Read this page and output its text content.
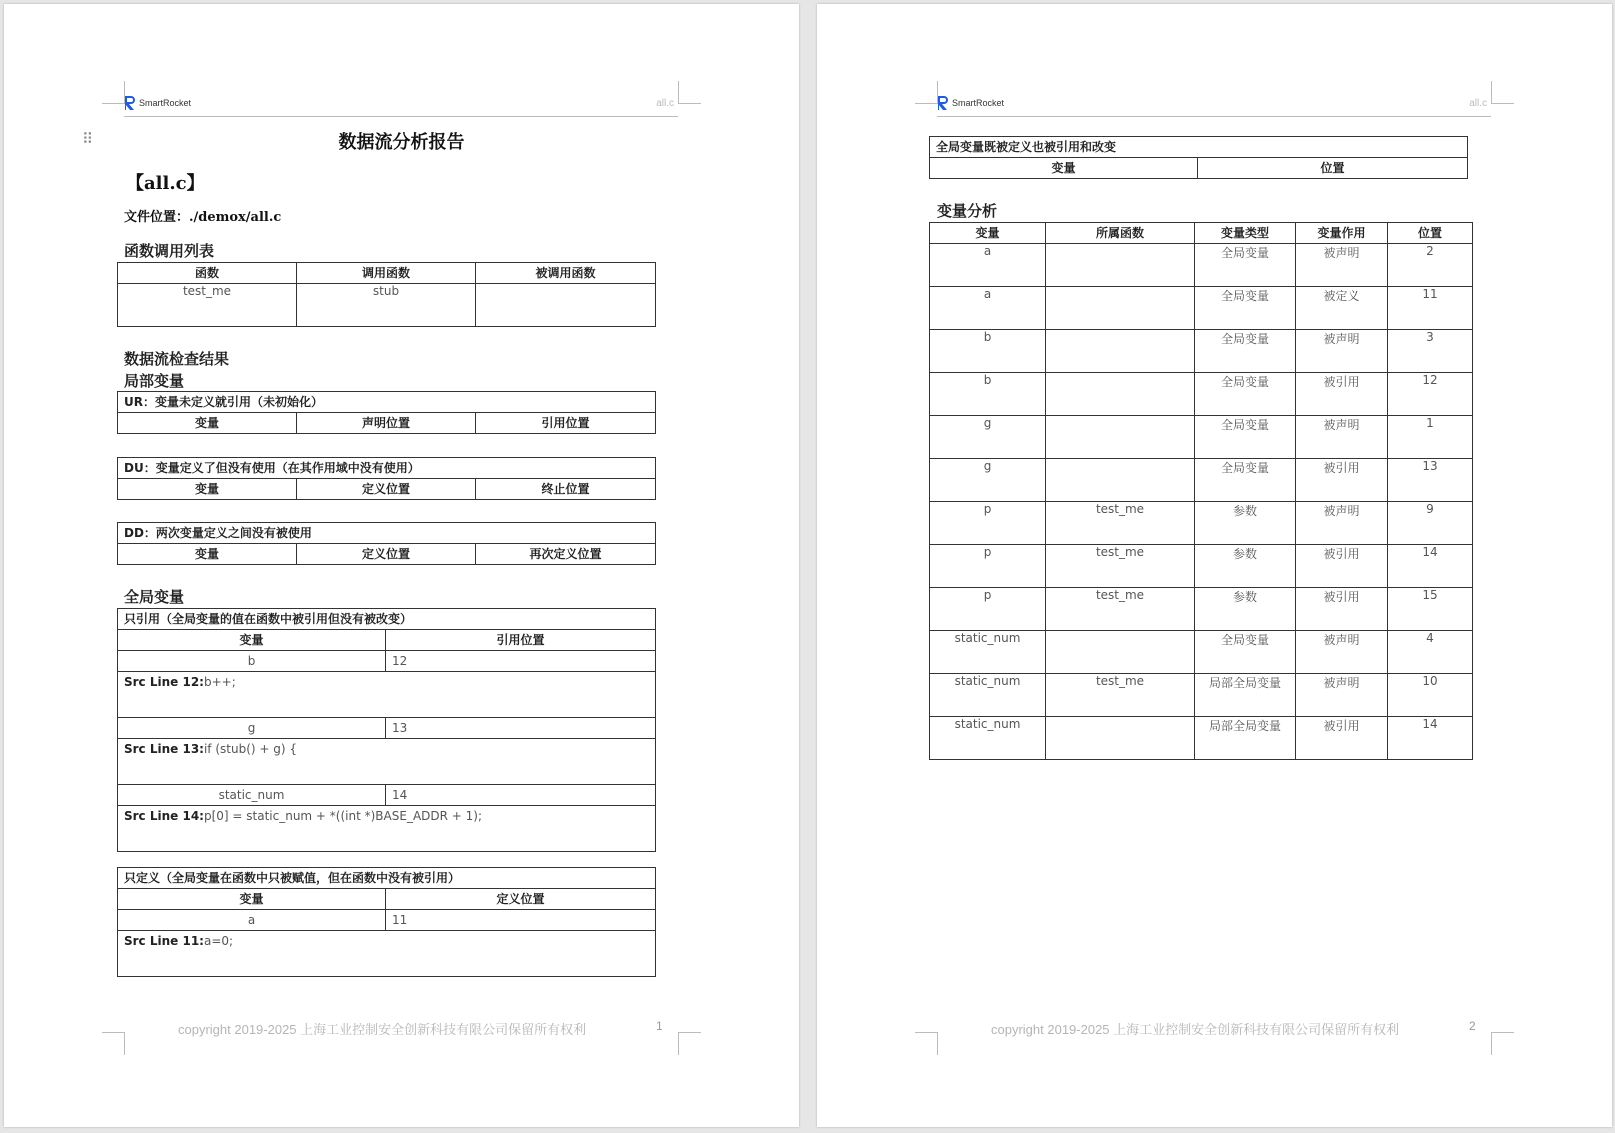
SmartRocket	all.c
⠿	数据流分析报告
【all.c】
文件位置：./demox/all.c
函数调用列表
函数	调用函数	被调用函数
test_me	stub	
数据流检查结果
局部变量
UR：变量未定义就引用（未初始化）
变量	声明位置	引用位置
DU：变量定义了但没有使用（在其作用域中没有使用）
变量	定义位置	终止位置
DD：两次变量定义之间没有被使用
变量	定义位置	再次定义位置
全局变量
只引用（全局变量的值在函数中被引用但没有被改变）	
变量	引用位置
b	12
Src Line 12:b++;	
g	13
Src Line 13:if (stub() + g) {	
static_num	14
Src Line 14:p[0] = static_num + *((int *)BASE_ADDR + 1);	
只定义（全局变量在函数中只被赋值，但在函数中没有被引用）	
变量	定义位置
a	11
Src Line 11:a=0;	
copyright 2019-2025 上海工业控制安全创新科技有限公司保留所有权利	1
SmartRocket	all.c
全局变量既被定义也被引用和改变
变量	位置
变量分析
变量	所属函数	变量类型	变量作用	位置
a		全局变量	被声明	2
a		全局变量	被定义	11
b		全局变量	被声明	3
b		全局变量	被引用	12
g		全局变量	被声明	1
g		全局变量	被引用	13
p	test_me	参数	被声明	9
p	test_me	参数	被引用	14
p	test_me	参数	被引用	15
static_num		全局变量	被声明	4
static_num	test_me	局部全局变量	被声明	10
static_num		局部全局变量	被引用	14
copyright 2019-2025 上海工业控制安全创新科技有限公司保留所有权利	2
